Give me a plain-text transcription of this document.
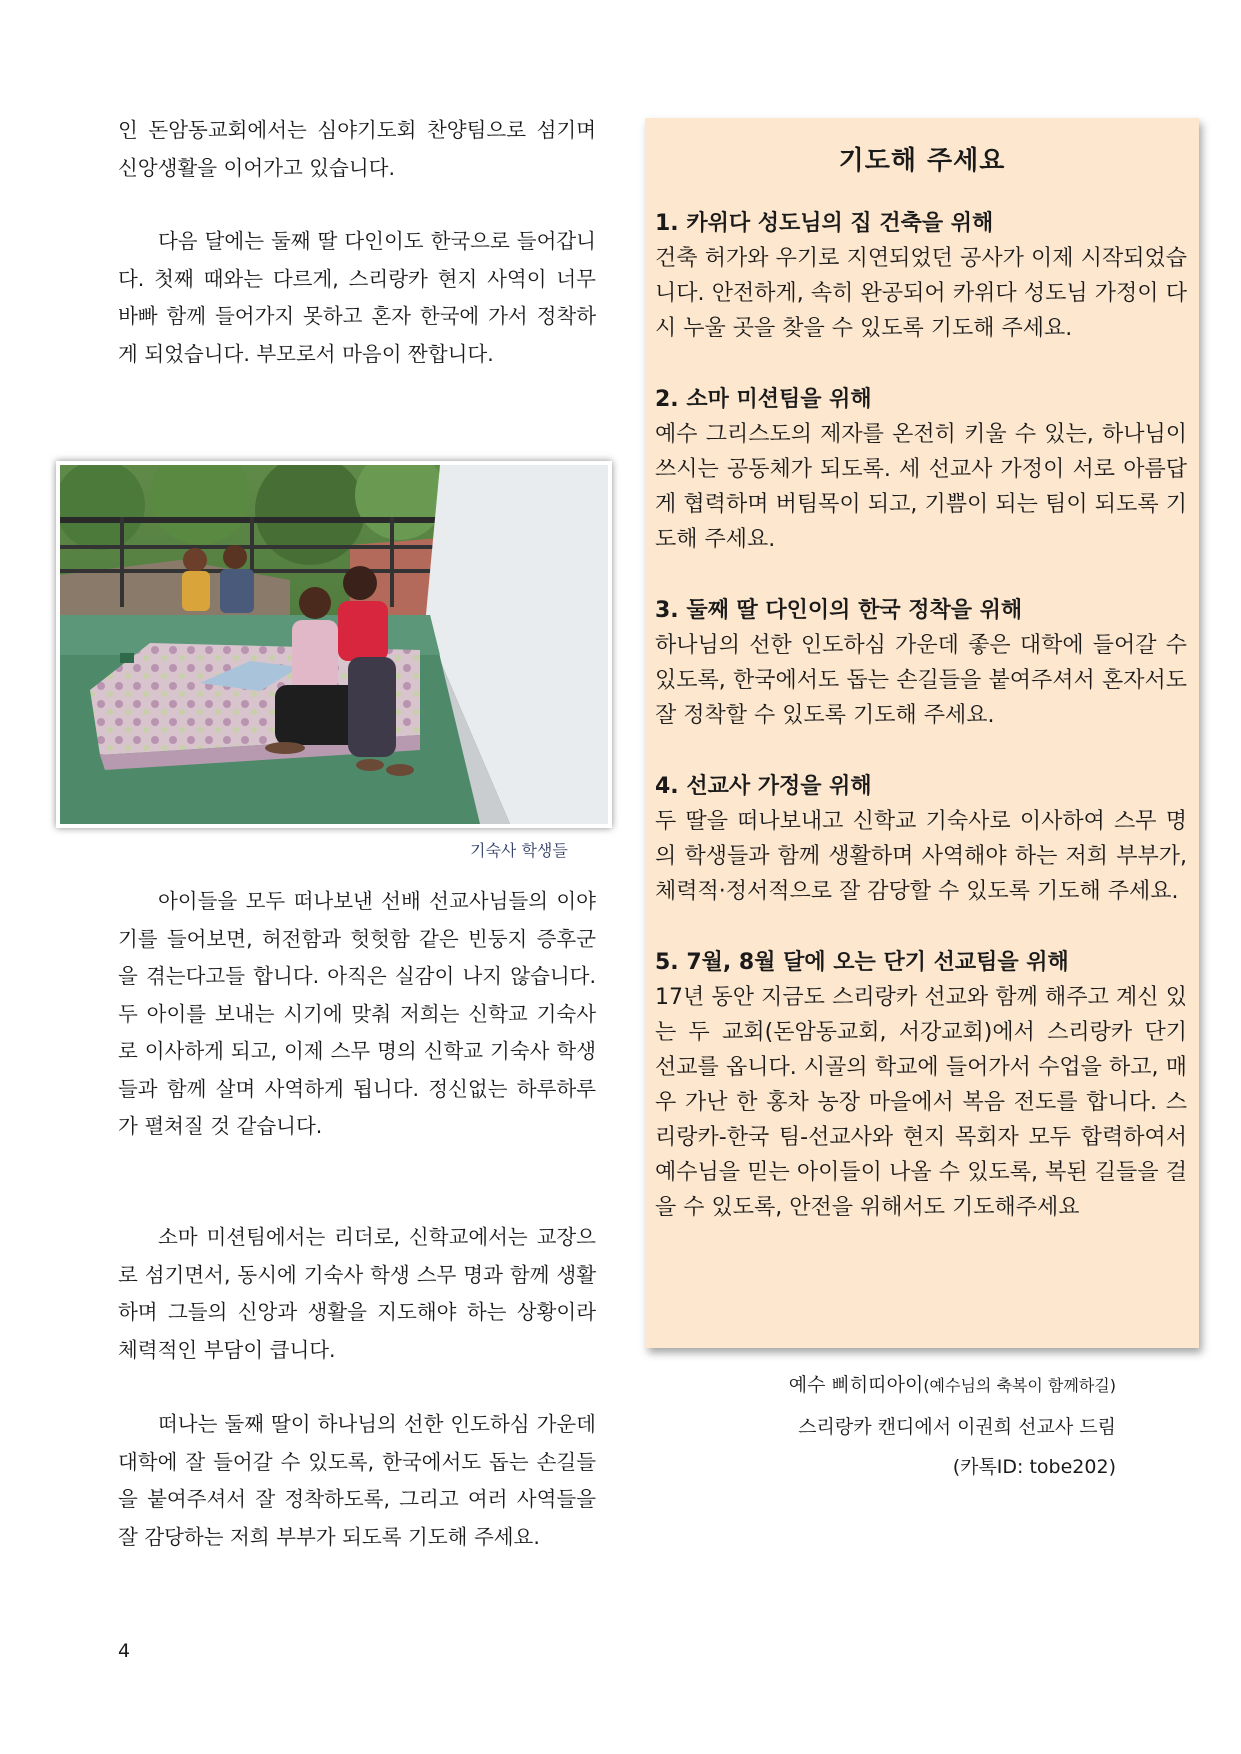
인 돈암동교회에서는 심야기도회 찬양팀으로 섬기며 신앙생활을 이어가고 있습니다.

다음 달에는 둘째 딸 다인이도 한국으로 들어갑니다. 첫째 때와는 다르게, 스리랑카 현지 사역이 너무 바빠 함께 들어가지 못하고 혼자 한국에 가서 정착하게 되었습니다. 부모로서 마음이 짠합니다.

기숙사 학생들

아이들을 모두 떠나보낸 선배 선교사님들의 이야기를 들어보면, 허전함과 헛헛함 같은 빈둥지 증후군을 겪는다고들 합니다. 아직은 실감이 나지 않습니다. 두 아이를 보내는 시기에 맞춰 저희는 신학교 기숙사로 이사하게 되고, 이제 스무 명의 신학교 기숙사 학생들과 함께 살며 사역하게 됩니다. 정신없는 하루하루가 펼쳐질 것 같습니다.

소마 미션팀에서는 리더로, 신학교에서는 교장으로 섬기면서, 동시에 기숙사 학생 스무 명과 함께 생활하며 그들의 신앙과 생활을 지도해야 하는 상황이라 체력적인 부담이 큽니다.

떠나는 둘째 딸이 하나님의 선한 인도하심 가운데 대학에 잘 들어갈 수 있도록, 한국에서도 돕는 손길들을 붙여주셔서 잘 정착하도록, 그리고 여러 사역들을 잘 감당하는 저희 부부가 되도록 기도해 주세요.

기도해 주세요

1. 카위다 성도님의 집 건축을 위해

건축 허가와 우기로 지연되었던 공사가 이제 시작되었습니다. 안전하게, 속히 완공되어 카위다 성도님 가정이 다시 누울 곳을 찾을 수 있도록 기도해 주세요.

2. 소마 미션팀을 위해

예수 그리스도의 제자를 온전히 키울 수 있는, 하나님이 쓰시는 공동체가 되도록. 세 선교사 가정이 서로 아름답게 협력하며 버팀목이 되고, 기쁨이 되는 팀이 되도록 기도해 주세요.

3. 둘째 딸 다인이의 한국 정착을 위해

하나님의 선한 인도하심 가운데 좋은 대학에 들어갈 수 있도록, 한국에서도 돕는 손길들을 붙여주셔서 혼자서도 잘 정착할 수 있도록 기도해 주세요.

4. 선교사 가정을 위해

두 딸을 떠나보내고 신학교 기숙사로 이사하여 스무 명의 학생들과 함께 생활하며 사역해야 하는 저희 부부가, 체력적·정서적으로 잘 감당할 수 있도록 기도해 주세요.

5. 7월, 8월 달에 오는 단기 선교팀을 위해

17년 동안 지금도 스리랑카 선교와 함께 해주고 계신 있는 두 교회(돈암동교회, 서강교회)에서 스리랑카 단기 선교를 옵니다. 시골의 학교에 들어가서 수업을 하고, 매우 가난 한 홍차 농장 마을에서 복음 전도를 합니다. 스리랑카-한국 팀-선교사와 현지 목회자 모두 합력하여서 예수님을 믿는 아이들이 나올 수 있도록, 복된 길들을 걸을 수 있도록, 안전을 위해서도 기도해주세요

예수 삐히띠아이(예수님의 축복이 함께하길)
스리랑카 캔디에서 이권희 선교사 드림
(카톡ID: tobe202)
4
